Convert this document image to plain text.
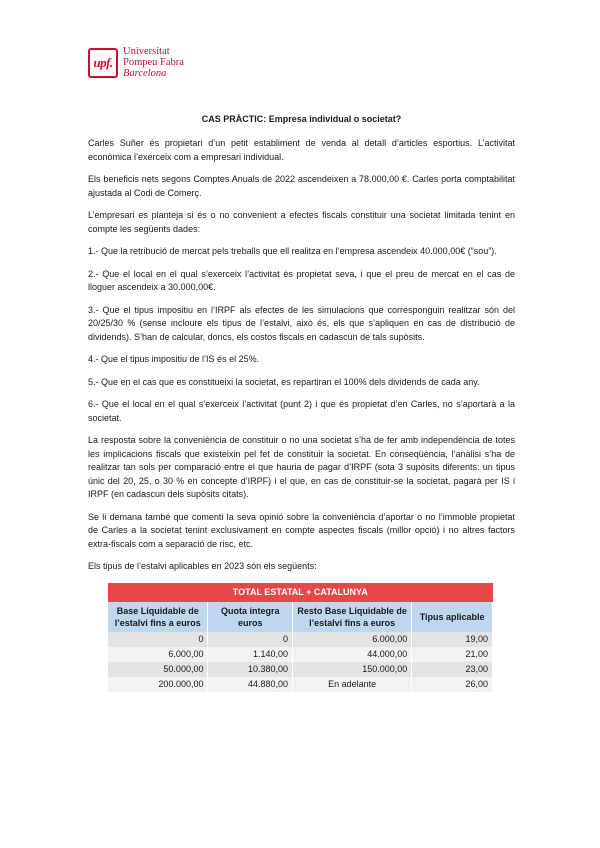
upf.
Universitat
Pompeu Fabra
Barcelona
CAS PRÀCTIC: Empresa individual o societat?

Carles Suñer és propietari d’un petit establiment de venda al detall d’articles esportius. L’activitat econòmica l’exerceix com a empresari individual.

Els beneficis nets segons Comptes Anuals de 2022 ascendeixen a 78.000,00 €. Carles porta comptabilitat ajustada al Codi de Comerç.

L’empresari es planteja si és o no convenient a efectes fiscals constituir una societat limitada tenint en compte les següents dades:

1.- Que la retribució de mercat pels treballs que ell realitza en l’empresa ascendeix 40.000,00€ (“sou”).

2.- Que el local en el qual s’exerceix l’activitat és propietat seva, i que el preu de mercat en el cas de lloguer ascendeix a 30.000,00€.

3.- Que el tipus impositiu en l’IRPF als efectes de les simulacions que corresponguin realitzar són del 20/25/30 % (sense incloure els tipus de l’estalvi, això és, els que s’apliquen en cas de distribució de dividends). S’han de calcular, doncs, els costos fiscals en cadascun de tals supòsits.

4.- Que el tipus impositiu de l’IS és el 25%.

5.- Que en el cas que es constitueixi la societat, es repartiran el 100% dels dividends de cada any.

6.- Que el local en el qual s’exerceix l’activitat (punt 2) i que és propietat d’en Carles, no s’aportarà a la societat.

La resposta sobre la conveniència de constituir o no una societat s’ha de fer amb independència de totes les implicacions fiscals que existeixin pel fet de constituir la societat. En conseqüència, l’anàlisi s’ha de realitzar tan sols per comparació entre el que hauria de pagar d’IRPF (sota 3 supòsits diferents: un tipus únic del 20, 25, o 30 % en concepte d’IRPF) i el que, en cas de constituir-se la societat, pagarà per IS i IRPF (en cadascun dels supòsits citats).

Se li demana també que comenti la seva opinió sobre la conveniència d’aportar o no l’immoble propietat de Carles a la societat tenint exclusivament en compte aspectes fiscals (millor opció) i no altres factors extra-fiscals com a separació de risc, etc.

Els tipus de l’estalvi aplicables en 2023 són els següents:

TOTAL ESTATAL + CATALUNYA			
Base Líquidable de l’estalvi fins a euros	Quota íntegra euros	Resto Base Líquidable de l’estalvi fins a euros	Tipus aplicable
0	0	6.000,00	19,00
6.000,00	1.140,00	44.000,00	21,00
50.000,00	10.380,00	150.000,00	23,00
200.000,00	44.880,00	En adelante	26,00
